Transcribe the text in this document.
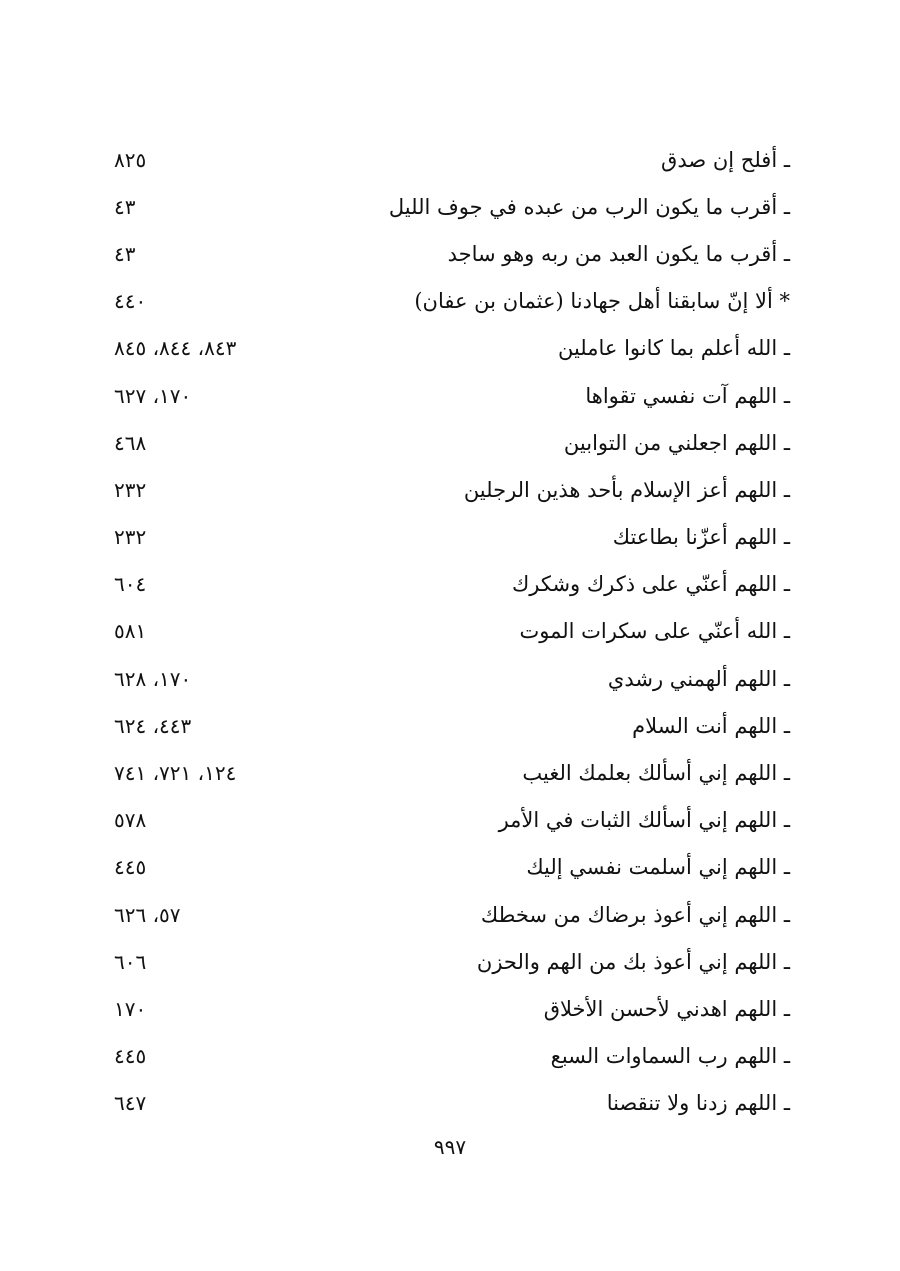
ـ أفلح إن صدق
٨٢٥
ـ أقرب ما يكون الرب من عبده في جوف الليل
٤٣
ـ أقرب ما يكون العبد من ربه وهو ساجد
٤٣
* ألا إنّ سابقنا أهل جهادنا (عثمان بن عفان)
٤٤٠
ـ الله أعلم بما كانوا عاملين
٨٤٣، ٨٤٤، ٨٤٥
ـ اللهم آت نفسي تقواها
١٧٠، ٦٢٧
ـ اللهم اجعلني من التوابين
٤٦٨
ـ اللهم أعز الإسلام بأحد هذين الرجلين
٢٣٢
ـ اللهم أعزّنا بطاعتك
٢٣٢
ـ اللهم أعنّي على ذكرك وشكرك
٦٠٤
ـ الله أعنّي على سكرات الموت
٥٨١
ـ اللهم ألهمني رشدي
١٧٠، ٦٢٨
ـ اللهم أنت السلام
٤٤٣، ٦٢٤
ـ اللهم إني أسألك بعلمك الغيب
١٢٤، ٧٢١، ٧٤١
ـ اللهم إني أسألك الثبات في الأمر
٥٧٨
ـ اللهم إني أسلمت نفسي إليك
٤٤٥
ـ اللهم إني أعوذ برضاك من سخطك
٥٧، ٦٢٦
ـ اللهم إني أعوذ بك من الهم والحزن
٦٠٦
ـ اللهم اهدني لأحسن الأخلاق
١٧٠
ـ اللهم رب السماوات السبع
٤٤٥
ـ اللهم زدنا ولا تنقصنا
٦٤٧
٩٩٧
